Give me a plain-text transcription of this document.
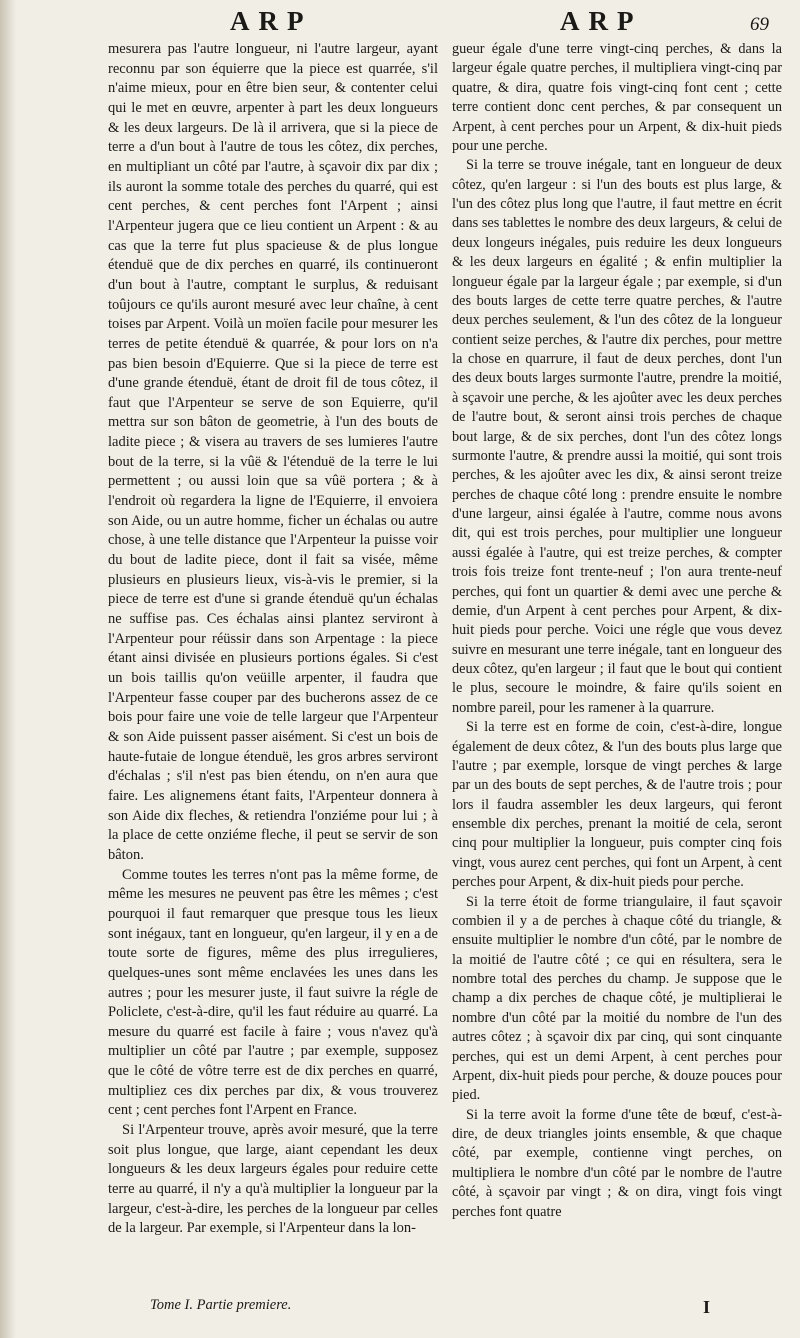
ARP	ARP	69

mesurera pas l'autre longueur, ni l'autre largeur, ayant reconnu par son équierre que la piece est quarrée, s'il n'aime mieux, pour en être bien seur, & contenter celui qui le met en œuvre, arpenter à part les deux longueurs & les deux largeurs. De là il arrivera, que si la piece de terre a d'un bout à l'autre de tous les côtez, dix perches, en multipliant un côté par l'autre, à sçavoir dix par dix ; ils auront la somme totale des perches du quarré, qui est cent perches, & cent perches font l'Arpent ; ainsi l'Arpenteur jugera que ce lieu contient un Arpent : & au cas que la terre fut plus spacieuse & de plus longue étenduë que de dix perches en quarré, ils continueront d'un bout à l'autre, comptant le surplus, & reduisant toûjours ce qu'ils auront mesuré avec leur chaîne, à cent toises par Arpent. Voilà un moïen facile pour mesurer les terres de petite étenduë & quarrée, & pour lors on n'a pas bien besoin d'Equierre. Que si la piece de terre est d'une grande étenduë, étant de droit fil de tous côtez, il faut que l'Arpenteur se serve de son Equierre, qu'il mettra sur son bâton de geometrie, à l'un des bouts de ladite piece ; & visera au travers de ses lumieres l'autre bout de la terre, si la vûë & l'étenduë de la terre le lui permettent ; ou aussi loin que sa vûë portera ; & à l'endroit où regardera la ligne de l'Equierre, il envoiera son Aide, ou un autre homme, ficher un échalas ou autre chose, à une telle distance que l'Arpenteur la puisse voir du bout de ladite piece, dont il fait sa visée, même plusieurs en plusieurs lieux, vis-à-vis le premier, si la piece de terre est d'une si grande étenduë qu'un échalas ne suffise pas. Ces échalas ainsi plantez serviront à l'Arpenteur pour réüssir dans son Arpentage : la piece étant ainsi divisée en plusieurs portions égales. Si c'est un bois taillis qu'on veüille arpenter, il faudra que l'Arpenteur fasse couper par des bucherons assez de ce bois pour faire une voie de telle largeur que l'Arpenteur & son Aide puissent passer aisément. Si c'est un bois de haute-futaie de longue étenduë, les gros arbres serviront d'échalas ; s'il n'est pas bien étendu, on n'en aura que faire. Les alignemens étant faits, l'Arpenteur donnera à son Aide dix fleches, & retiendra l'onziéme pour lui ; à la place de cette onziéme fleche, il peut se servir de son bâton.

Comme toutes les terres n'ont pas la même forme, de même les mesures ne peuvent pas être les mêmes ; c'est pourquoi il faut remarquer que presque tous les lieux sont inégaux, tant en longueur, qu'en largeur, il y en a de toute sorte de figures, même des plus irregulieres, quelques-unes sont même enclavées les unes dans les autres ; pour les mesurer juste, il faut suivre la régle de Policlete, c'est-à-dire, qu'il les faut réduire au quarré. La mesure du quarré est facile à faire ; vous n'avez qu'à multiplier un côté par l'autre ; par exemple, supposez que le côté de vôtre terre est de dix perches en quarré, multipliez ces dix perches par dix, & vous trouverez cent ; cent perches font l'Arpent en France.

Si l'Arpenteur trouve, après avoir mesuré, que la terre soit plus longue, que large, aiant cependant les deux longueurs & les deux largeurs égales pour reduire cette terre au quarré, il n'y a qu'à multiplier la longueur par la largeur, c'est-à-dire, les perches de la longueur par celles de la largeur. Par exemple, si l'Arpenteur dans la lon-

gueur égale d'une terre vingt-cinq perches, & dans la largeur égale quatre perches, il multipliera vingt-cinq par quatre, & dira, quatre fois vingt-cinq font cent ; cette terre contient donc cent perches, & par consequent un Arpent, à cent perches pour un Arpent, & dix-huit pieds pour une perche.

Si la terre se trouve inégale, tant en longueur de deux côtez, qu'en largeur : si l'un des bouts est plus large, & l'un des côtez plus long que l'autre, il faut mettre en écrit dans ses tablettes le nombre des deux largeurs, & celui de deux longeurs inégales, puis reduire les deux longueurs & les deux largeurs en égalité ; & enfin multiplier la longueur égale par la largeur égale ; par exemple, si d'un des bouts larges de cette terre quatre perches, & l'autre deux perches seulement, & l'un des côtez de la longueur contient seize perches, & l'autre dix perches, pour mettre la chose en quarrure, il faut de deux perches, dont l'un des deux bouts larges surmonte l'autre, prendre la moitié, à sçavoir une perche, & les ajoûter avec les deux perches de l'autre bout, & seront ainsi trois perches de chaque bout large, & de six perches, dont l'un des côtez longs surmonte l'autre, & prendre aussi la moitié, qui sont trois perches, & les ajoûter avec les dix, & ainsi seront treize perches de chaque côté long : prendre ensuite le nombre d'une largeur, ainsi égalée à l'autre, comme nous avons dit, qui est trois perches, pour multiplier une longueur aussi égalée à l'autre, qui est treize perches, & compter trois fois treize font trente-neuf ; l'on aura trente-neuf perches, qui font un quartier & demi avec une perche & demie, d'un Arpent à cent perches pour Arpent, & dix-huit pieds pour perche. Voici une régle que vous devez suivre en mesurant une terre inégale, tant en longueur des deux côtez, qu'en largeur ; il faut que le bout qui contient le plus, secoure le moindre, & faire qu'ils soient en nombre pareil, pour les ramener à la quarrure.

Si la terre est en forme de coin, c'est-à-dire, longue également de deux côtez, & l'un des bouts plus large que l'autre ; par exemple, lorsque de vingt perches & large par un des bouts de sept perches, & de l'autre trois ; pour lors il faudra assembler les deux largeurs, qui feront ensemble dix perches, prenant la moitié de cela, seront cinq pour multiplier la longueur, puis compter cinq fois vingt, vous aurez cent perches, qui font un Arpent, à cent perches pour Arpent, & dix-huit pieds pour perche.

Si la terre étoit de forme triangulaire, il faut sçavoir combien il y a de perches à chaque côté du triangle, & ensuite multiplier le nombre d'un côté, par le nombre de la moitié de l'autre côté ; ce qui en résultera, sera le nombre total des perches du champ. Je suppose que le champ a dix perches de chaque côté, je multiplierai le nombre d'un côté par la moitié du nombre de l'un des autres côtez ; à sçavoir dix par cinq, qui sont cinquante perches, qui est un demi Arpent, à cent perches pour Arpent, dix-huit pieds pour perche, & douze pouces pour pied.

Si la terre avoit la forme d'une tête de bœuf, c'est-à-dire, de deux triangles joints ensemble, & que chaque côté, par exemple, contienne vingt perches, on multipliera le nombre d'un côté par le nombre de l'autre côté, à sçavoir par vingt ; & on dira, vingt fois vingt perches font quatre

Tome I. Partie premiere.	I
